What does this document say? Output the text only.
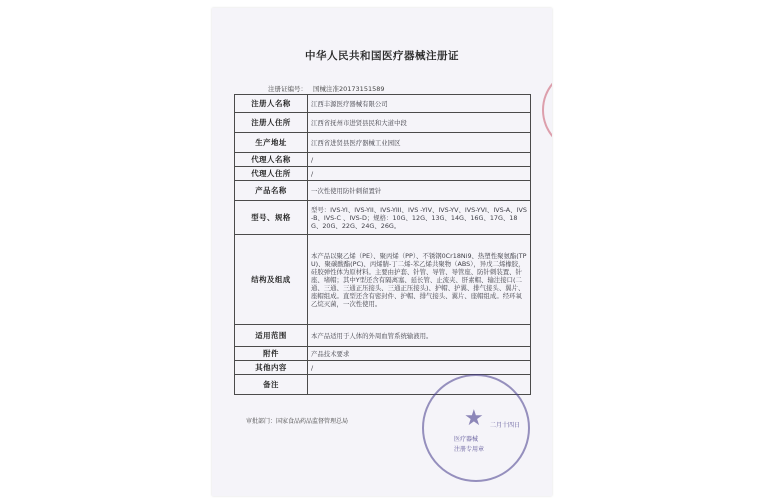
中华人民共和国医疗器械注册证
注册证编号： 国械注准20173151589
注册人名称	江西丰源医疗器械有限公司
注册人住所	江西省抚州市进贤县民和大道中段
生产地址	江西省进贤县医疗器械工业园区
代理人名称	/
代理人住所	/
产品名称	一次性使用防针刺留置针
型号、规格	型号：IVS-YI、IVS-YII、IVS-YIII、IVS -YIV、IVS-YV、IVS-YVI、IVS-A、IVS-B、IVS-C 、IVS-D；规格：10G、12G、13G、14G、16G、17G、18G、20G、22G、24G、26G。
结构及组成	本产品以聚乙烯（PE）、聚丙烯（PP）、不锈钢0Cr18Ni9、热塑性聚氨酯(TPU)、聚碳酸酯(PC)、丙烯腈-丁二烯-苯乙烯共聚物（ABS），异戊二烯橡胶，硅胶弹性体为原材料。主要由护套、针管、导管、导管座、防针刺装置、针座、堵帽；其中Y型还含有隔离塞、延长管、止流夹、肝素帽、输注接口(二通、三通、三通正压接头、三通正压接头)、护帽、护翼、排气接头、翼片、座帽组成。直型还含有密封件、护帽、排气接头、翼片、座帽组成。经环氧乙烷灭菌，一次性使用。
适用范围	本产品适用于人体的外周血管系统输液用。
附件	产品技术要求
其他内容	/
备注	
审批部门：国家食品药品监督管理总局	★
医疗器械
二月十四日
注册专用章
